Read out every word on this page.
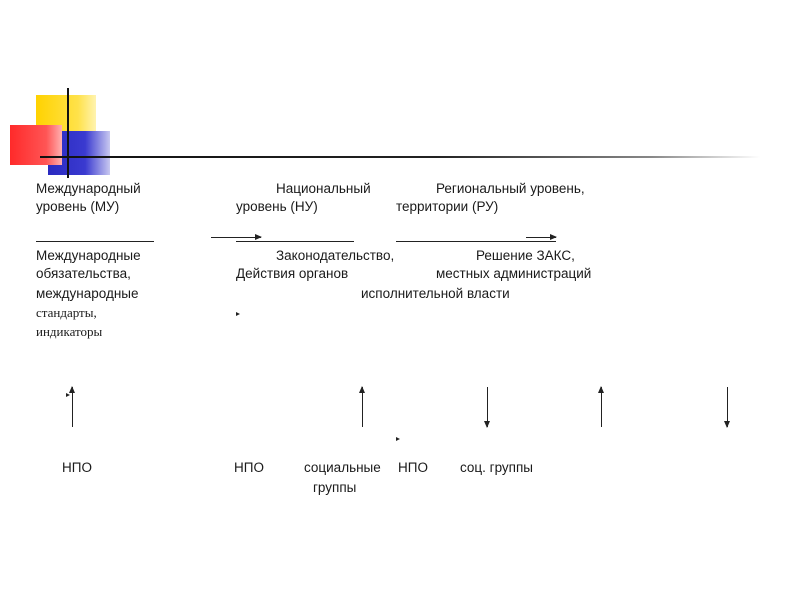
Международный
уровень (МУ)
Национальный
уровень (НУ)
Региональный уровень,
территории (РУ)
Международные
обязательства,
международные
стандарты,
индикаторы
Законодательство,
Действия органов
исполнительной власти
Решение ЗАКС,
местных администраций
НПО	НПО	социальные
группы
НПО соц. группы
